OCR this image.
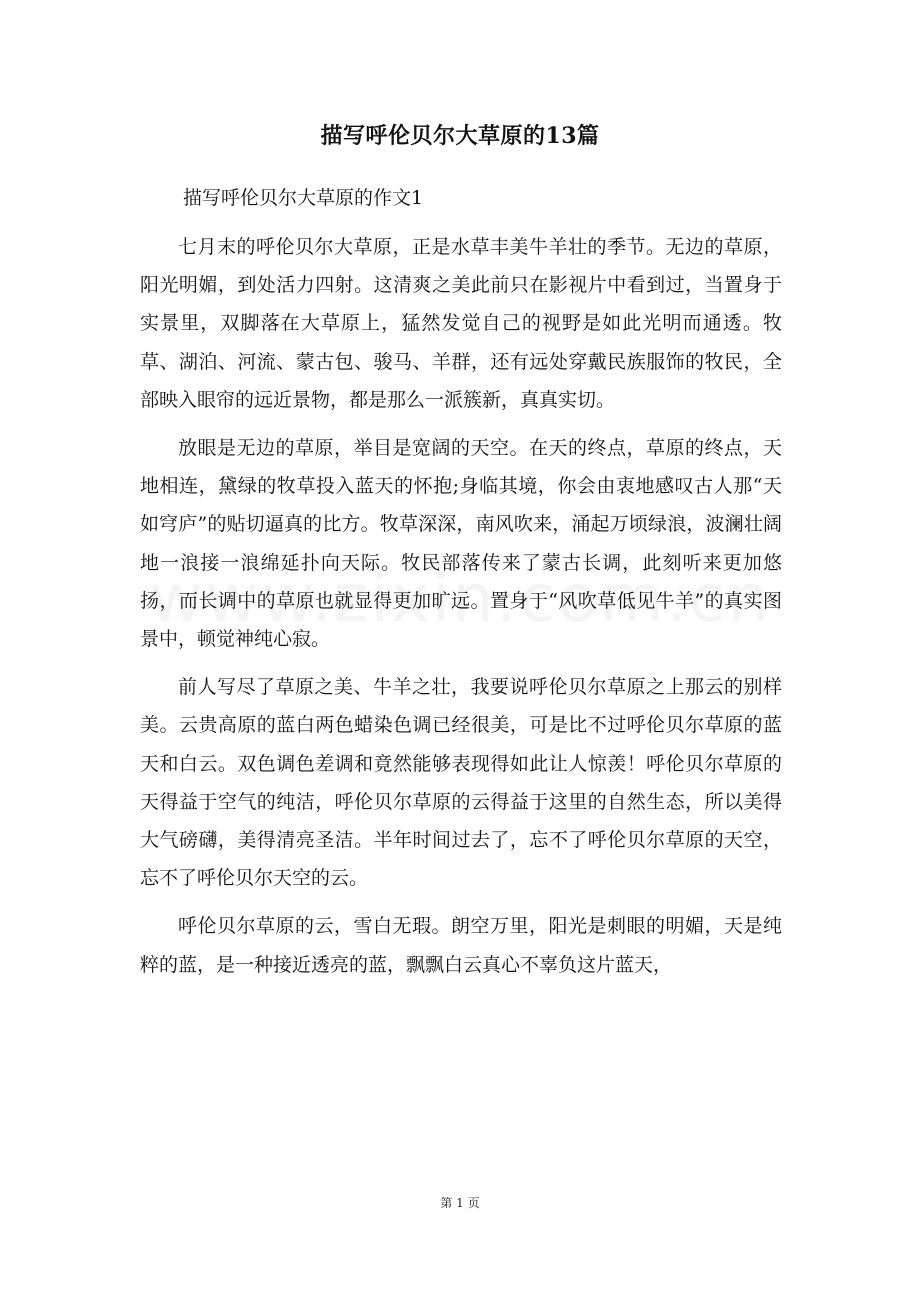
描写呼伦贝尔大草原的13篇
描写呼伦贝尔大草原的作文1

七月末的呼伦贝尔大草原，正是水草丰美牛羊壮的季节。无边的草原，阳光明媚，到处活力四射。这清爽之美此前只在影视片中看到过，当置身于实景里，双脚落在大草原上，猛然发觉自己的视野是如此光明而通透。牧草、湖泊、河流、蒙古包、骏马、羊群，还有远处穿戴民族服饰的牧民，全部映入眼帘的远近景物，都是那么一派簇新，真真实切。

放眼是无边的草原，举目是宽阔的天空。在天的终点，草原的终点，天地相连，黛绿的牧草投入蓝天的怀抱;身临其境，你会由衷地感叹古人那“天如穹庐”的贴切逼真的比方。牧草深深，南风吹来，涌起万顷绿浪，波澜壮阔地一浪接一浪绵延扑向天际。牧民部落传来了蒙古长调，此刻听来更加悠扬，而长调中的草原也就显得更加旷远。置身于“风吹草低见牛羊”的真实图景中，顿觉神纯心寂。

前人写尽了草原之美、牛羊之壮，我要说呼伦贝尔草原之上那云的别样美。云贵高原的蓝白两色蜡染色调已经很美，可是比不过呼伦贝尔草原的蓝天和白云。双色调色差调和竟然能够表现得如此让人惊羡！呼伦贝尔草原的天得益于空气的纯洁，呼伦贝尔草原的云得益于这里的自然生态，所以美得大气磅礴，美得清亮圣洁。半年时间过去了，忘不了呼伦贝尔草原的天空，忘不了呼伦贝尔天空的云。

呼伦贝尔草原的云，雪白无瑕。朗空万里，阳光是刺眼的明媚，天是纯粹的蓝，是一种接近透亮的蓝，飘飘白云真心不辜负这片蓝天，

第 1 页
